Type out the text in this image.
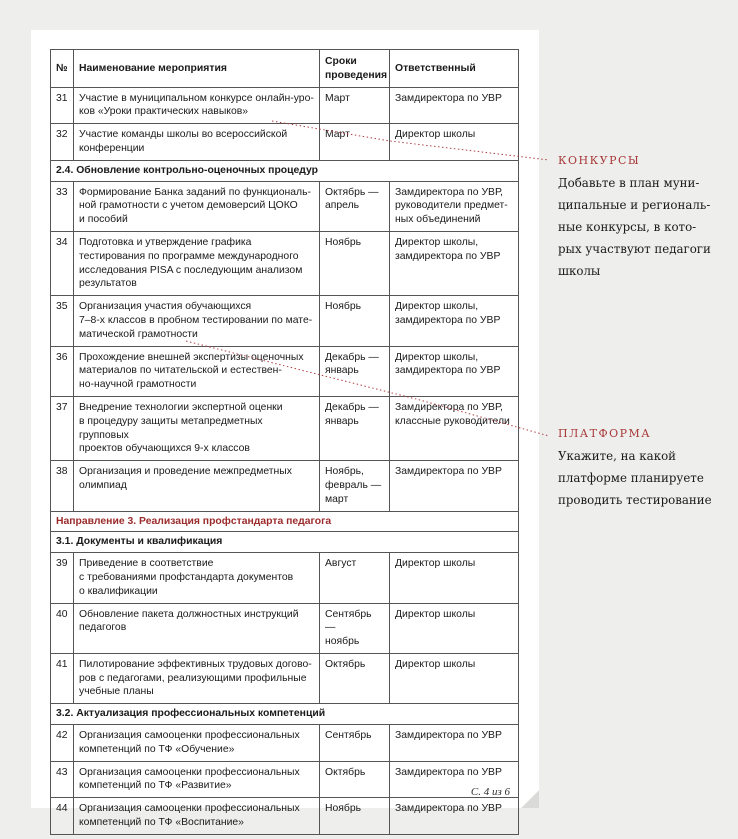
№	Наименование мероприятия	Сроки проведения	Ответственный
31	Участие в муниципальном конкурсе онлайн-уро-
ков «Уроки практических навыков»	Март	Замдиректора по УВР
32	Участие команды школы во всероссийской
конференции	Март	Директор школы
2.4. Обновление контрольно-оценочных процедур			
33	Формирование Банка заданий по функциональ-
ной грамотности с учетом демоверсий ЦОКО
и пособий	Октябрь —
апрель	Замдиректора по УВР,
руководители предмет-
ных объединений
34	Подготовка и утверждение графика
тестирования по программе международного
исследования PISA с последующим анализом
результатов	Ноябрь	Директор школы,
замдиректора по УВР
35	Организация участия обучающихся
7–8-х классов в пробном тестировании по мате-
матической грамотности	Ноябрь	Директор школы,
замдиректора по УВР
36	Прохождение внешней экспертизы оценочных
материалов по читательской и естествен-
но-научной грамотности	Декабрь —
январь	Директор школы,
замдиректора по УВР
37	Внедрение технологии экспертной оценки
в процедуру защиты метапредметных групповых
проектов обучающихся 9-х классов	Декабрь —
январь	Замдиректора по УВР,
классные руководители
38	Организация и проведение межпредметных
олимпиад	Ноябрь,
февраль —
март	Замдиректора по УВР
Направление 3. Реализация профстандарта педагога			
3.1. Документы и квалификация			
39	Приведение в соответствие
с требованиями профстандарта документов
о квалификации	Август	Директор школы
40	Обновление пакета должностных инструкций
педагогов	Сентябрь —
ноябрь	Директор школы
41	Пилотирование эффективных трудовых догово-
ров с педагогами, реализующими профильные
учебные планы	Октябрь	Директор школы
3.2. Актуализация профессиональных компетенций			
42	Организация самооценки профессиональных
компетенций по ТФ «Обучение»	Сентябрь	Замдиректора по УВР
43	Организация самооценки профессиональных
компетенций по ТФ «Развитие»	Октябрь	Замдиректора по УВР
44	Организация самооценки профессиональных
компетенций по ТФ «Воспитание»	Ноябрь	Замдиректора по УВР
С. 4 из 6
КОНКУРСЫ
Добавьте в план муни-
ципальные и региональ-
ные конкурсы, в кото-
рых участвуют педагоги
школы
ПЛАТФОРМА
Укажите, на какой
платформе планируете
проводить тестирование
